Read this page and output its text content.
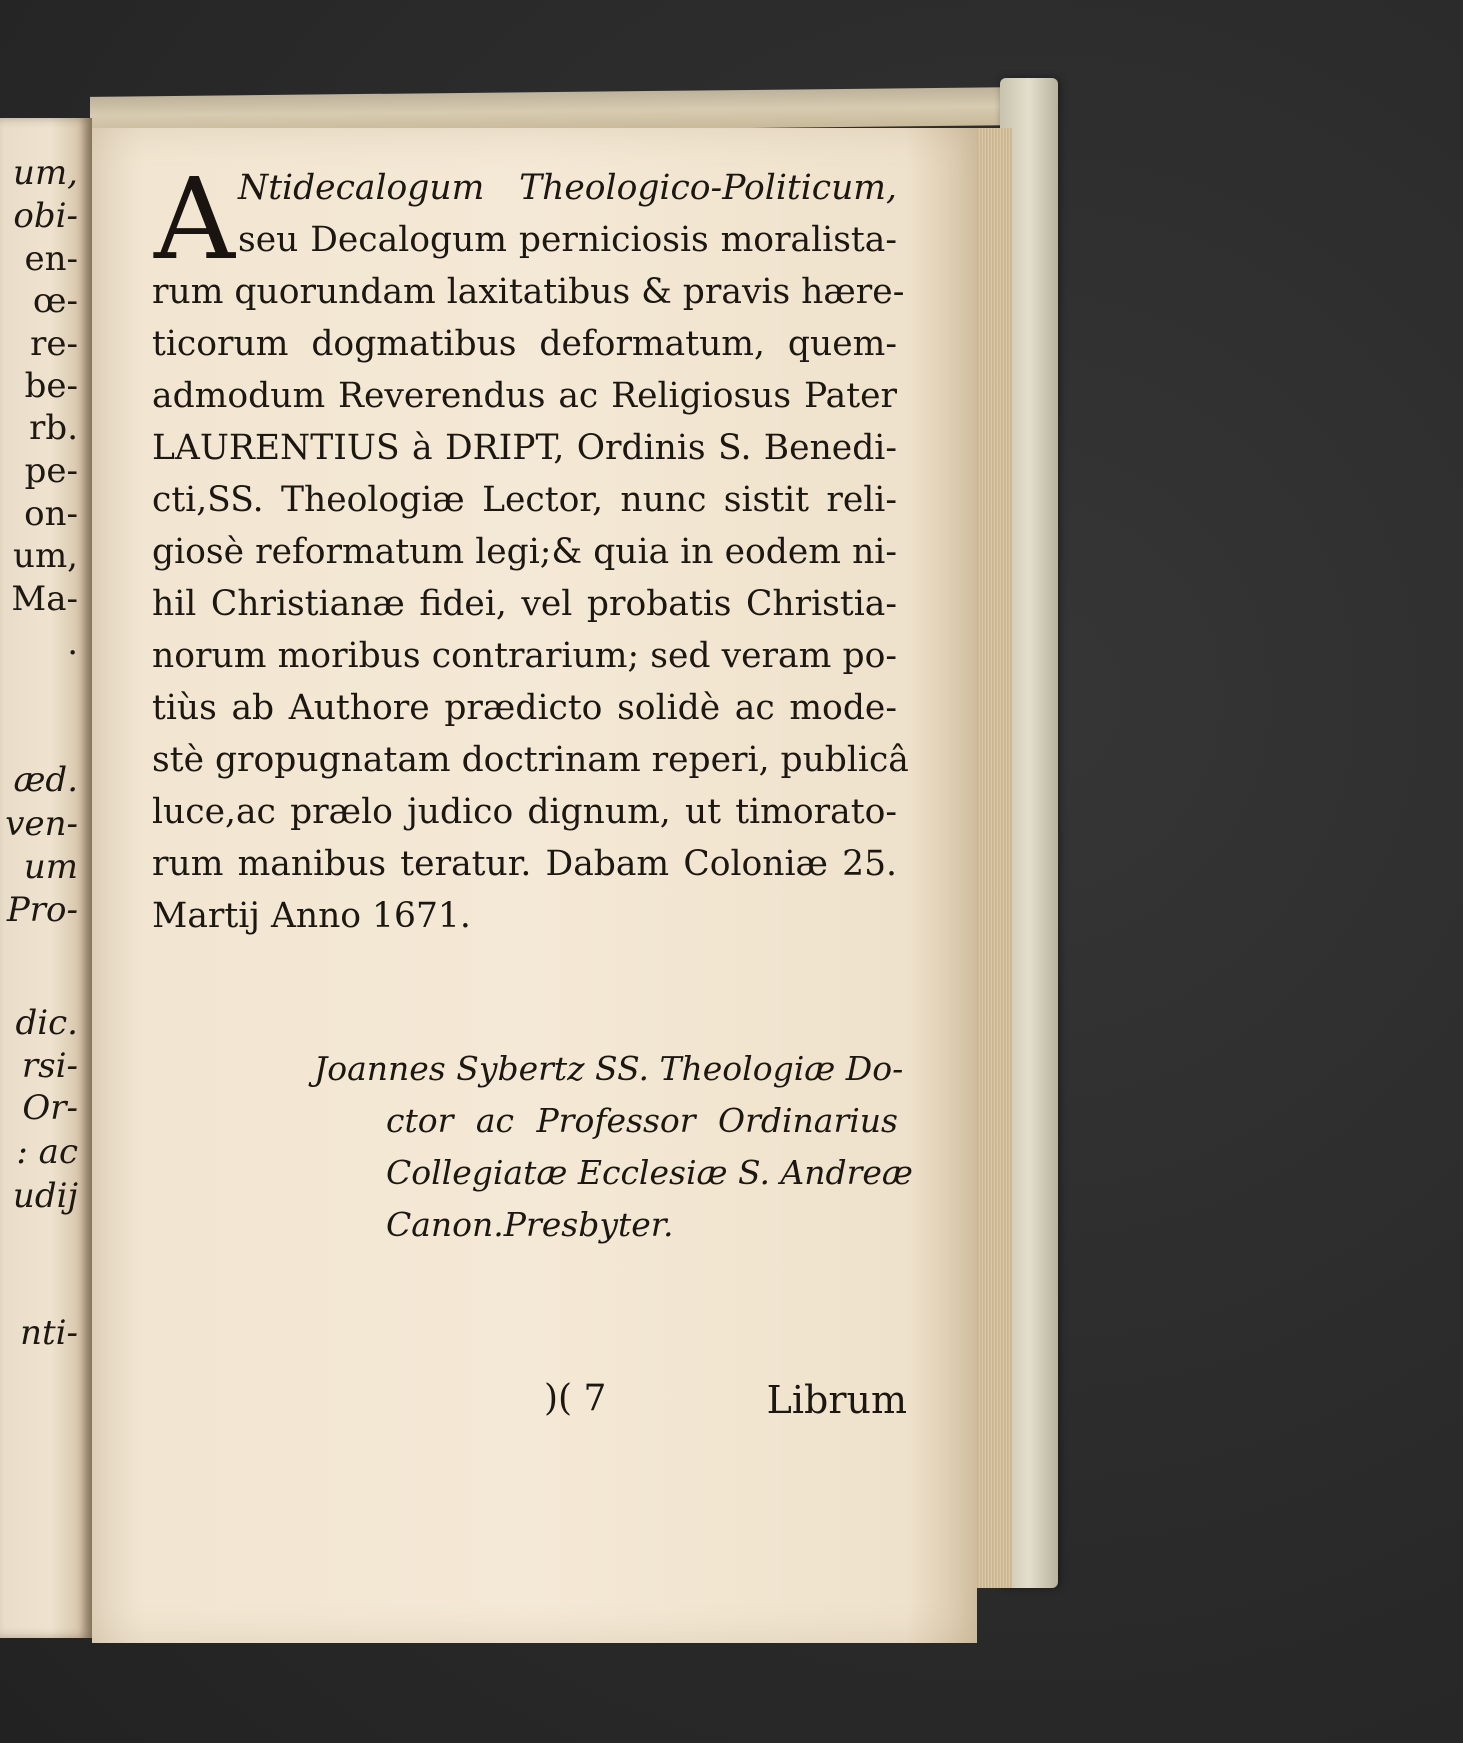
um,
obi-
en-
œ-
re-
be-
rb.
pe-
on-
um,
Ma-
.
æd.
ven-
um
Pro-
dic.
rsi-
Or-
: ac
udij
nti-
A Ntidecalogum Theologico-Politicum,
seu Decalogum perniciosis moralista-
rum quorundam laxitatibus & pravis hære-
ticorum dogmatibus deformatum, quem-
admodum Reverendus ac Religiosus Pater
LAURENTIUS à DRIPT, Ordinis S. Benedi-
cti,SS. Theologiæ Lector, nunc sistit reli-
giosè reformatum legi;& quia in eodem ni-
hil Christianæ fidei, vel probatis Christia-
norum moribus contrarium; sed veram po-
tiùs ab Authore prædicto solidè ac mode-
stè gropugnatam doctrinam reperi, publicâ
luce,ac prælo judico dignum, ut timorato-
rum manibus teratur. Dabam Coloniæ 25.
Martij Anno 1671.
Joannes Sybertz SS. Theologiæ Do-
ctor ac Professor Ordinarius
Collegiatæ Ecclesiæ S. Andreæ
Canon.Presbyter.
)( 7	Librum
